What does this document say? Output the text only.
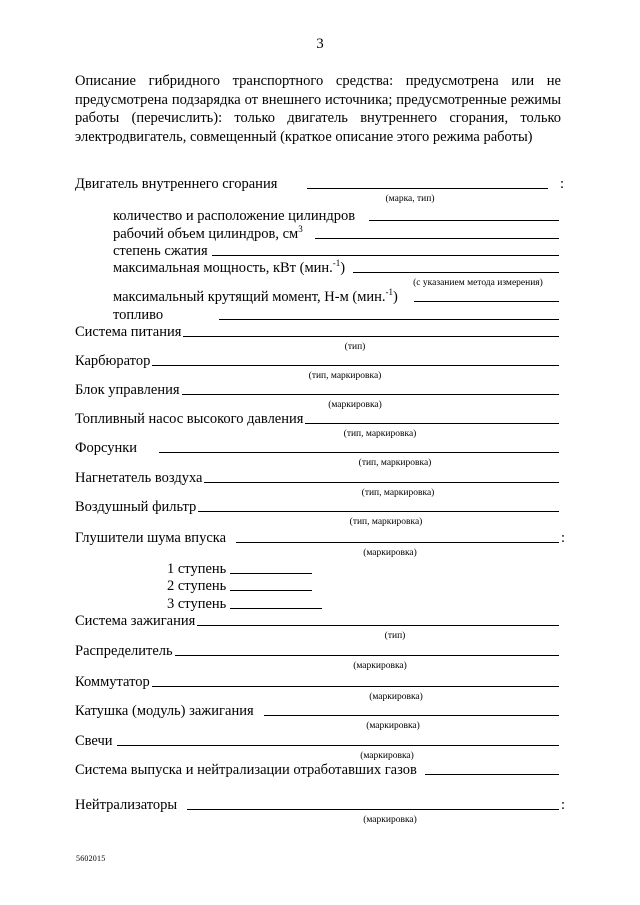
3
Описание гибридного транспортного средства: предусмотрена или не предусмотрена подзарядка от внешнего источника; предусмотренные режимы работы (перечислить): только двигатель внутреннего сгорания, только электродвигатель, совмещенный (краткое описание этого режима работы)
Двигатель внутреннего сгорания	:
(марка, тип)
количество и расположение цилиндров
рабочий объем цилиндров, $см^3$
степень сжатия
максимальная мощность, кВт (мин.$^{-1}$)
(с указанием метода измерения)
максимальный крутящий момент, Н-м (мин.$^{-1}$)
топливо
Система питания
(тип)
Карбюратор
(тип, маркировка)
Блок управления
(маркировка)
Топливный насос высокого давления
(тип, маркировка)
Форсунки
(тип, маркировка)
Нагнетатель воздуха
(тип, маркировка)
Воздушный фильтр
(тип, маркировка)
Глушители шума впуска	:
(маркировка)
1 ступень
2 ступень
3 ступень
Система зажигания
(тип)
Распределитель
(маркировка)
Коммутатор
(маркировка)
Катушка (модуль) зажигания
(маркировка)
Свечи
(маркировка)
Система выпуска и нейтрализации отработавших газов
Нейтрализаторы	:
(маркировка)
5602015
